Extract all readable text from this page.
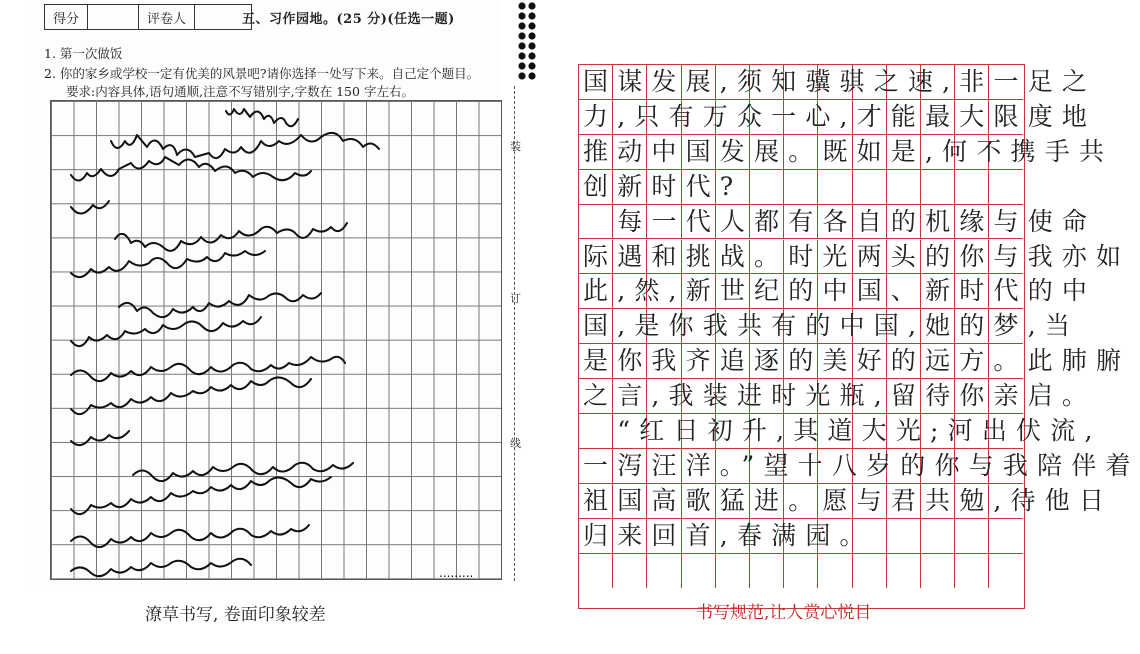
得分		评卷人		五、习作园地。(25 分)(任选一题)
1. 第一次做饭
2. 你的家乡或学校一定有优美的风景吧?请你选择一处写下来。自己定个题目。
要求:内容具体,语句通顺,注意不写错别字,字数在 150 字左右。
.........
装
订
线
潦草书写, 卷面印象较差
国谋发展,须知骥骐之速,非一足之
力,只有万众一心,才能最大限度地
推动中国发展。既如是,何不携手共
创新时代?
每一代人都有各自的机缘与使命
际遇和挑战。时光两头的你与我亦如
此,然,新世纪的中国、新时代的中
国,是你我共有的中国,她的梦,当
是你我齐追逐的美好的远方。此肺腑
之言,我装进时光瓶,留待你亲启。
“红日初升,其道大光;河出伏流,
一泻汪洋。”望十八岁的你与我陪伴着
祖国高歌猛进。愿与君共勉,待他日
归来回首,春满园。
书写规范,让人赏心悦目
